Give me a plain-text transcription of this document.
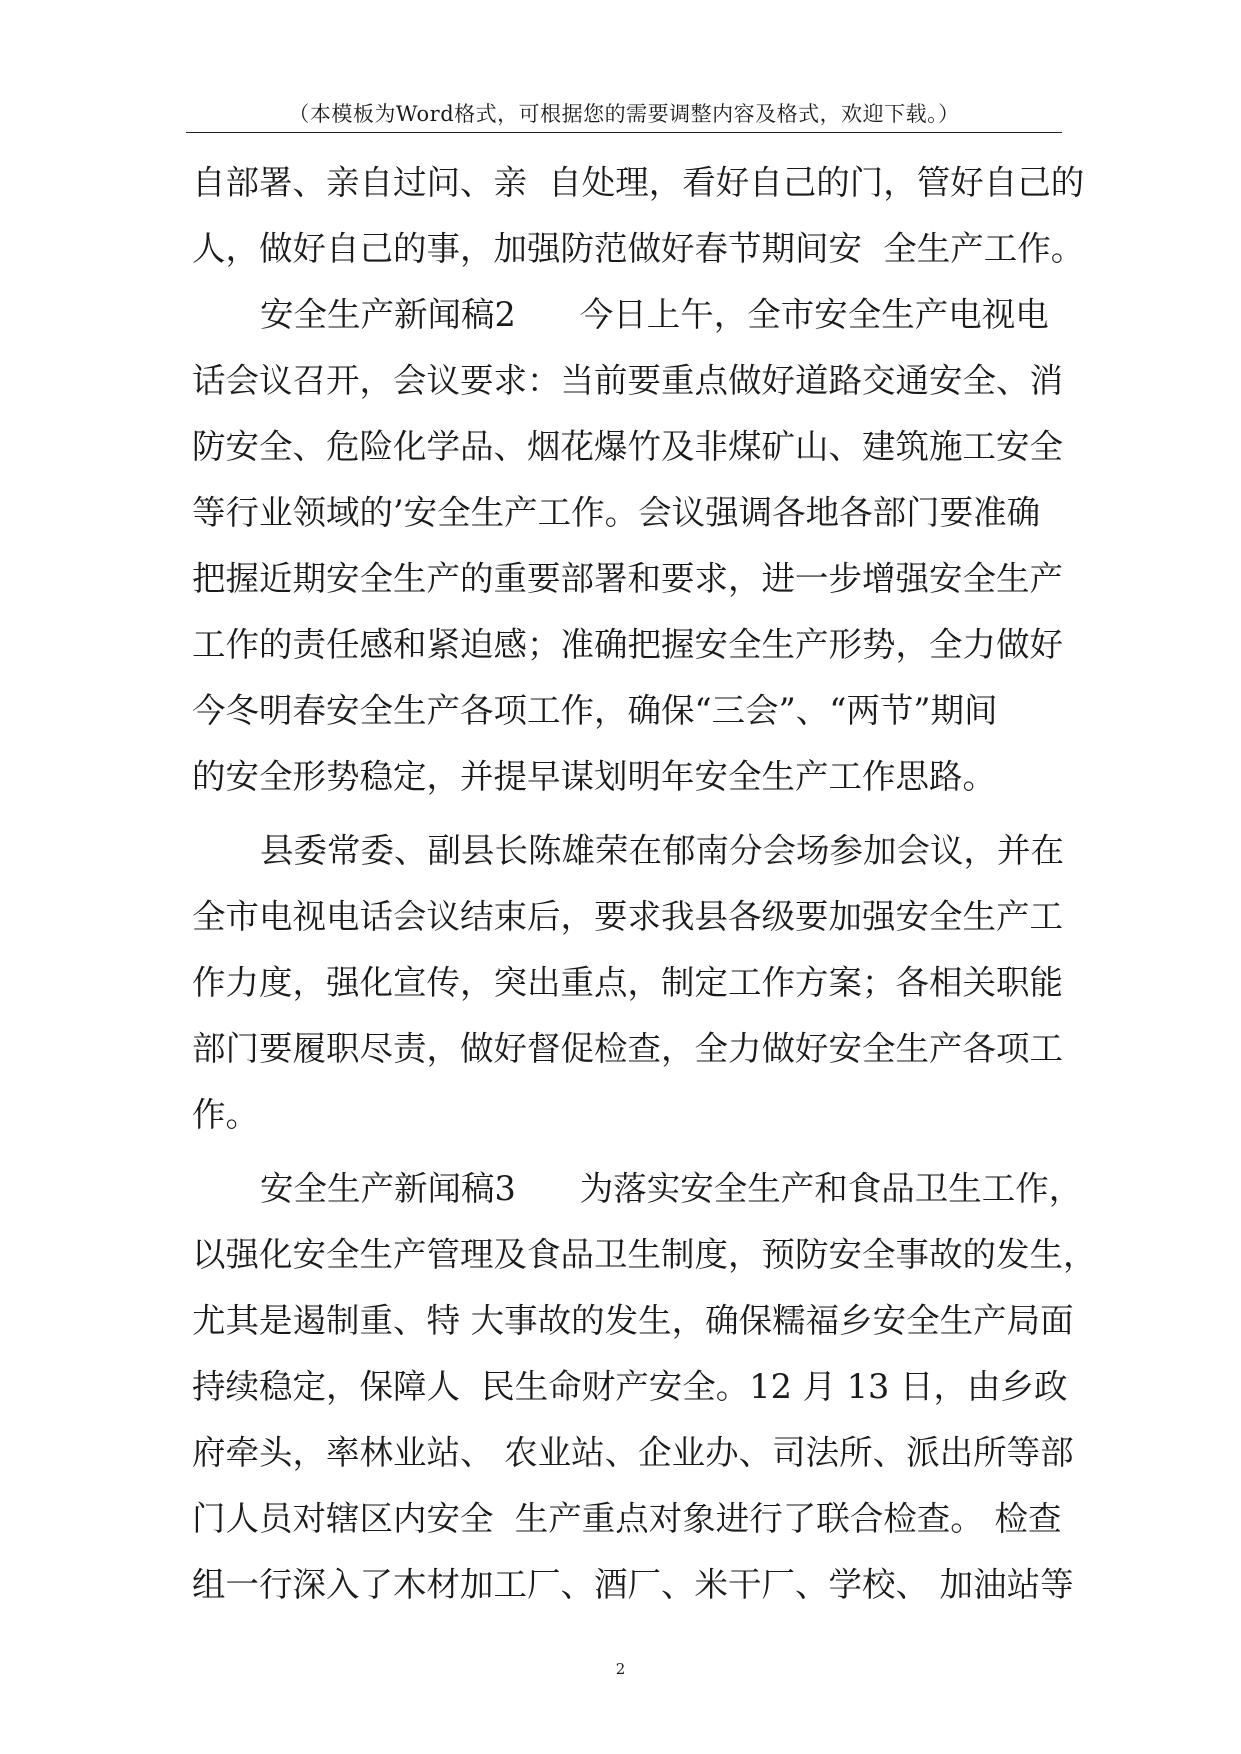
（本模板为Word格式，可根据您的需要调整内容及格式，欢迎下载。）
自部署、亲自过问、亲  自处理，看好自己的门，管好自己的
人，做好自己的事，加强防范做好春节期间安  全生产工作。
安全生产新闻稿2      今日上午，全市安全生产电视电
话会议召开，会议要求：当前要重点做好道路交通安全、消
防安全、危险化学品、烟花爆竹及非煤矿山、建筑施工安全
等行业领域的’安全生产工作。会议强调各地各部门要准确
把握近期安全生产的重要部署和要求，进一步增强安全生产
工作的责任感和紧迫感；准确把握安全生产形势，全力做好
今冬明春安全生产各项工作，确保“三会”、“两节”期间
的安全形势稳定，并提早谋划明年安全生产工作思路。
县委常委、副县长陈雄荣在郁南分会场参加会议，并在
全市电视电话会议结束后，要求我县各级要加强安全生产工
作力度，强化宣传，突出重点，制定工作方案；各相关职能
部门要履职尽责，做好督促检查，全力做好安全生产各项工
作。
安全生产新闻稿3      为落实安全生产和食品卫生工作，
以强化安全生产管理及食品卫生制度，预防安全事故的发生，
尤其是遏制重、特 大事故的发生，确保糯福乡安全生产局面
持续稳定，保障人  民生命财产安全。12 月 13 日，由乡政
府牵头，率林业站、 农业站、企业办、司法所、派出所等部
门人员对辖区内安全  生产重点对象进行了联合检查。 检查
组一行深入了木材加工厂、酒厂、米干厂、学校、 加油站等
2
